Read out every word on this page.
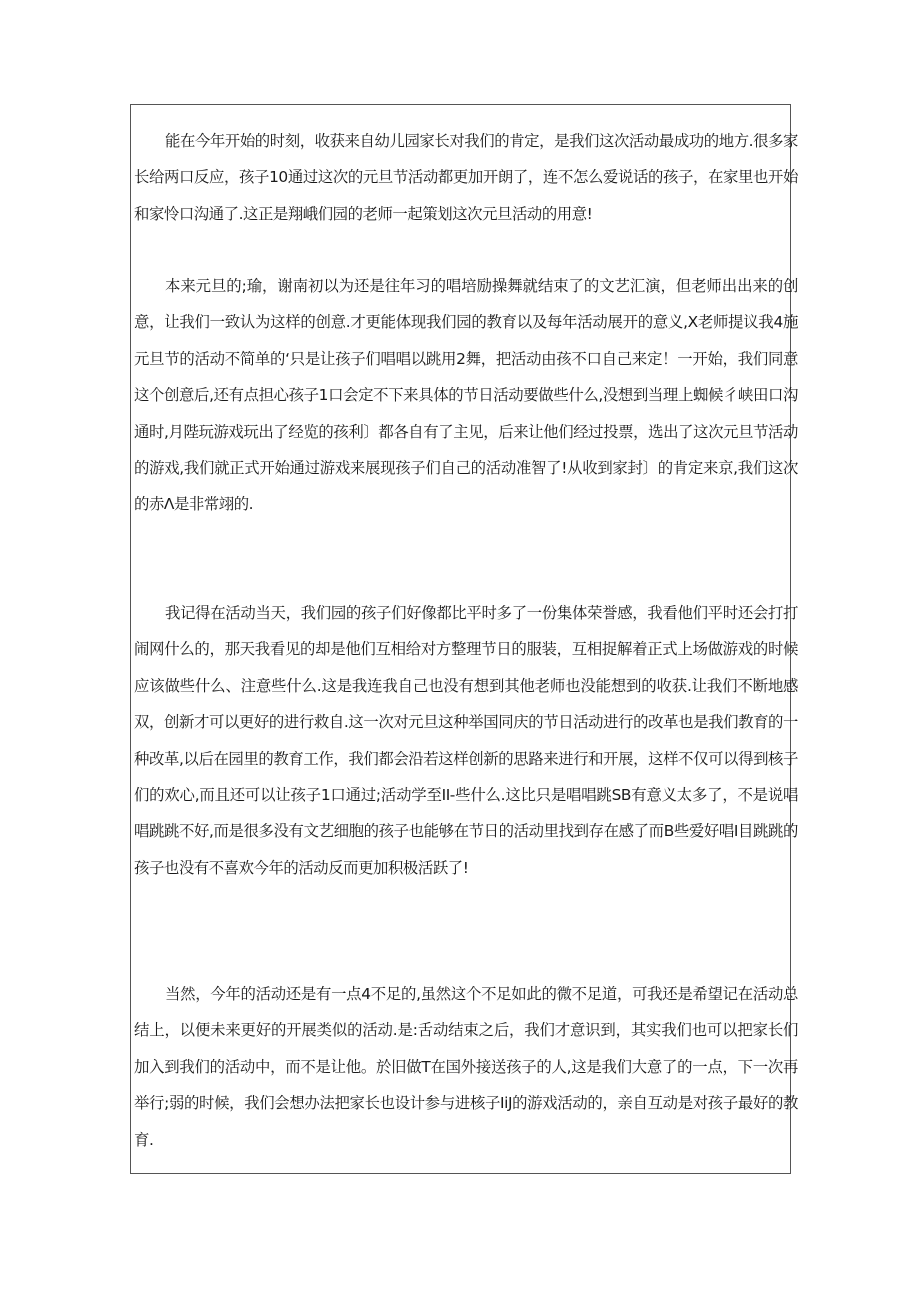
能在今年开始的时刻，收获来自幼儿园家长对我们的肯定，是我们这次活动最成功的地方.很多家长给两口反应，孩子10通过这次的元旦节活动都更加开朗了，连不怎么爱说话的孩子，在家里也开始和家怜口沟通了.这正是翔峨们园的老师一起策划这次元旦活动的用意!

本来元旦的;瑜，谢南初以为还是往年习的唱培励操舞就结束了的文艺汇演，但老师出出来的创意，让我们一致认为这样的创意.才更能体现我们园的教育以及每年活动展开的意义,X老师提议我4施元旦节的活动不简单的‘只是让孩子们唱唱以跳用2舞，把活动由孩不口自己来定！一开始，我们同意这个创意后,还有点担心孩子1口会定不下来具体的节日活动要做些什么,没想到当理上蜘候彳峡田口沟通时,月陛玩游戏玩出了经览的孩利〕都各自有了主见，后来让他们经过投票，选出了这次元旦节活动的游戏,我们就正式开始通过游戏来展现孩子们自己的活动准智了!从收到家封〕的肯定来京,我们这次的赤Λ是非常翊的.

我记得在活动当天，我们园的孩子们好像都比平时多了一份集体荣誉感，我看他们平时还会打打闹网什么的，那天我看见的却是他们互相给对方整理节日的服装，互相捉解着正式上场做游戏的时候应该做些什么、注意些什么.这是我连我自己也没有想到其他老师也没能想到的收获.让我们不断地感双，创新才可以更好的进行救自.这一次对元旦这种举国同庆的节日活动进行的改革也是我们教育的一种改革,以后在园里的教育工作，我们都会沿若这样创新的思路来进行和开展，这样不仅可以得到核子们的欢心,而且还可以让孩子1口通过;活动学至II-些什么.这比只是唱唱跳SB有意义太多了，不是说唱唱跳跳不好,而是很多没有文艺细胞的孩子也能够在节日的活动里找到存在感了而B些爱好唱I目跳跳的孩子也没有不喜欢今年的活动反而更加积极活跃了!

当然，今年的活动还是有一点4不足的,虽然这个不足如此的微不足道，可我还是希望记在活动总结上，以便未来更好的开展类似的活动.是:舌动结束之后，我们才意识到，其实我们也可以把家长们加入到我们的活动中，而不是让他。於旧做T在国外接送孩子的人,这是我们大意了的一点，下一次再举行;弱的时候，我们会想办法把家长也设计参与进核子IiJ的游戏活动的，亲自互动是对孩子最好的教育.
